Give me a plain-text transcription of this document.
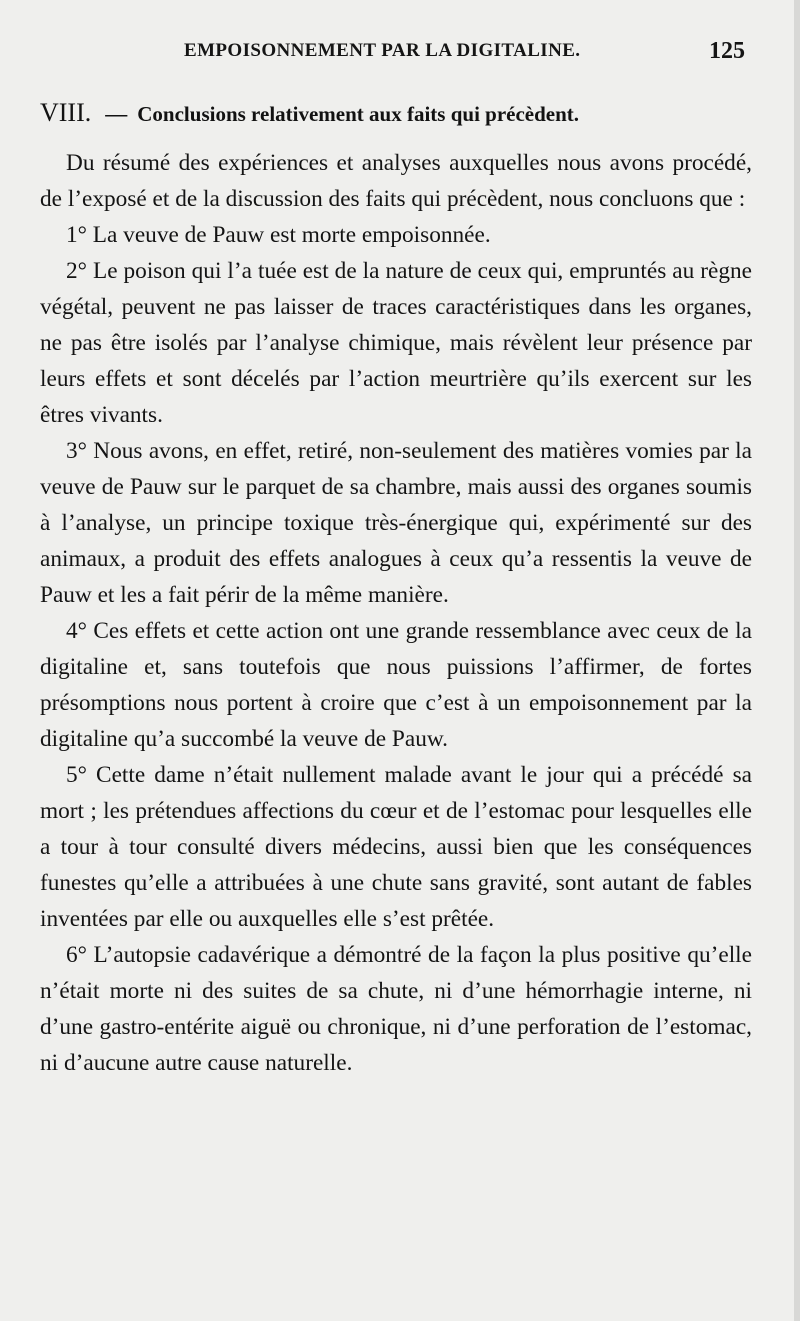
EMPOISONNEMENT PAR LA DIGITALINE.	125
VIII. — Conclusions relativement aux faits qui précèdent.

Du résumé des expériences et analyses auxquelles nous avons procédé, de l’exposé et de la discussion des faits qui précèdent, nous concluons que :

1° La veuve de Pauw est morte empoisonnée.

2° Le poison qui l’a tuée est de la nature de ceux qui, empruntés au règne végétal, peuvent ne pas laisser de traces caractéristiques dans les organes, ne pas être isolés par l’analyse chimique, mais révèlent leur présence par leurs effets et sont décelés par l’action meurtrière qu’ils exercent sur les êtres vivants.

3° Nous avons, en effet, retiré, non-seulement des matières vomies par la veuve de Pauw sur le parquet de sa chambre, mais aussi des organes soumis à l’analyse, un principe toxique très-énergique qui, expérimenté sur des animaux, a produit des effets analogues à ceux qu’a ressentis la veuve de Pauw et les a fait périr de la même manière.

4° Ces effets et cette action ont une grande ressemblance avec ceux de la digitaline et, sans toutefois que nous puissions l’affirmer, de fortes présomptions nous portent à croire que c’est à un empoisonnement par la digitaline qu’a succombé la veuve de Pauw.

5° Cette dame n’était nullement malade avant le jour qui a précédé sa mort ; les prétendues affections du cœur et de l’estomac pour lesquelles elle a tour à tour consulté divers médecins, aussi bien que les conséquences funestes qu’elle a attribuées à une chute sans gravité, sont autant de fables inventées par elle ou auxquelles elle s’est prêtée.

6° L’autopsie cadavérique a démontré de la façon la plus positive qu’elle n’était morte ni des suites de sa chute, ni d’une hémorrhagie interne, ni d’une gastro-entérite aiguë ou chronique, ni d’une perforation de l’estomac, ni d’aucune autre cause naturelle.
